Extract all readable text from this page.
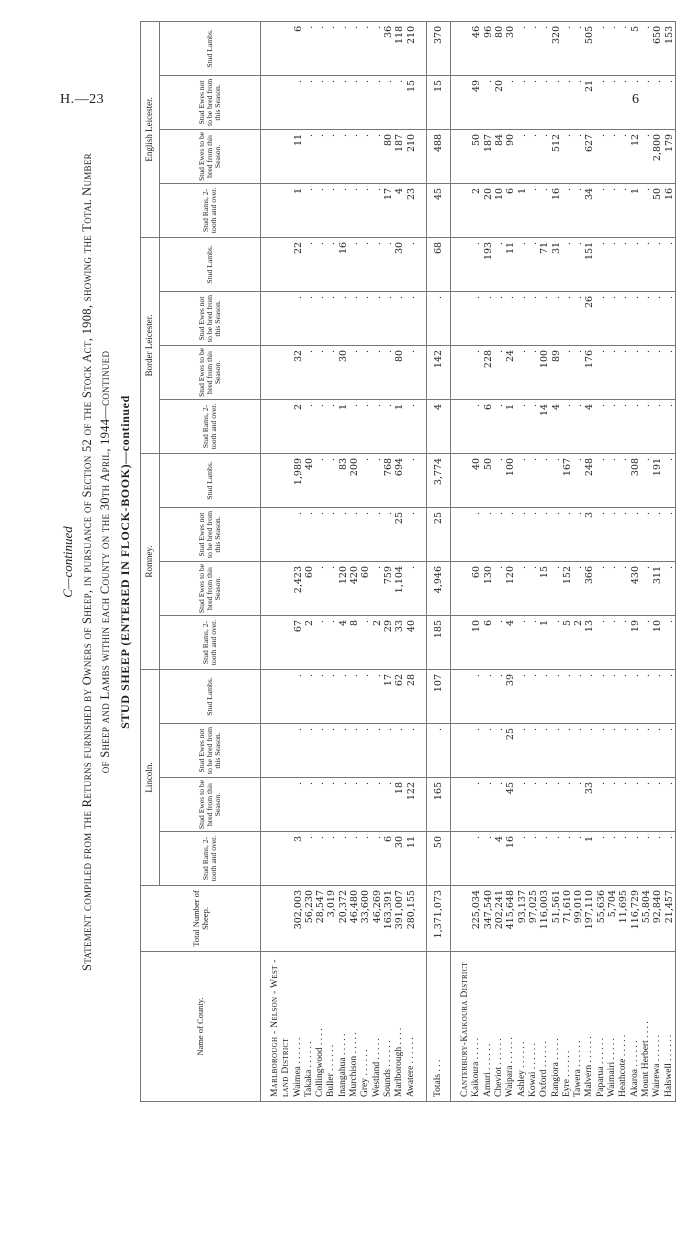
H.—23	6
C—continued Statement compiled from the Returns furnished by Owners of Sheep, in pursuance of Section 52 of the Stock Act, 1908, showing the Total Number of Sheep and Lambs within each County on the 30th April, 1944—continued STUD SHEEP (ENTERED IN FLOCK-BOOK)—continued
Name of County.	Total Number of Sheep.	Lincoln.				Romney.				Border Leicester.				English Leicester.			
		Stud Rams, 2-tooth and over.	Stud Ewes to be bred from this Season.	Stud Ewes not to be bred from this Season.	Stud Lambs.	Stud Rams, 2-tooth and over.	Stud Ewes to be bred from this Season.	Stud Ewes not to be bred from this Season.	Stud Lambs.	Stud Rams, 2-tooth and over.	Stud Ewes to be bred from this Season.	Stud Ewes not to be bred from this Season.	Stud Lambs.	Stud Rams, 2-tooth and over.	Stud Ewes to be bred from this Season.	Stud Ewes not to be bred from this Season.	Stud Lambs.

Marlborough - Nelson - West -																	
land District																	
Waimea . . . . . .	302,003	3	.	.	.	67	2,423	.	1,989	2	32	.	22	1	11	.	6
Takaka . . . . . .	56,230	.	.	.	.	2	60	.	40	.	.	.	.	.	.	.	.
Collingwood . . . .	28,547	.	.	.	.	.	.	.	.	.	.	.	.	.	.	.	.
Buller . . . . . .	3,019	.	.	.	.	.	.	.	.	.	.	.	.	.	.	.	.
Inangahua . . . . .	20,372	.	.	.	.	4	120	.	83	1	30	.	16	.	.	.	.
Murchison . . . . .	46,480	.	.	.	.	8	420	.	200	.	.	.	.	.	.	.	.
Grey . . . . . .	33,600	.	.	.	.	.	60	.	.	.	.	.	.	.	.	.	.
Westland . . . . .	46,269	.	.	.	.	2	.	.	.	.	.	.	.	.	.	.	.
Sounds . . . . . .	163,391	6	.	.	17	29	759	.	768	.	.	.	.	17	80	.	36
Marlborough . . . .	391,007	30	18	.	62	33	1,104	25	694	1	80	.	30	4	187	.	118
Awatere . . . . . .	280,155	11	122	.	28	40	.	.	.	.	.	.	.	23	210	15	210

Totals . . .	1,371,073	50	165	.	107	185	4,946	25	3,774	4	142	.	68	45	488	15	370

Canterbury-Kaikoura District																	
Kaikoura . . . . .	225,034	.	.	.	.	10	60	.	40	.	.	.	.	2	50	49	46
Amuri . . . . . .	347,540	.	.	.	.	6	130	.	50	6	228	.	193	20	187	.	96
Cheviot . . . . . .	202,241	4	.	.	.	.	.	.	.	.	.	.	.	10	84	20	80
Waipara . . . . . .	415,648	16	45	25	39	4	120	.	100	1	24	.	11	6	90	.	30
Ashley . . . . . .	93,137	.	.	.	.	.	.	.	.	.	.	.	.	1	.	.	.
Kowai . . . . . .	97,025	.	.	.	.	.	.	.	.	.	.	.	.	.	.	.	.
Oxford . . . . . .	116,003	.	.	.	.	1	15	.	.	14	100	.	71	.	.	.	.
Rangiora . . . . .	51,561	.	.	.	.	.	.	.	.	4	89	.	31	16	512	.	320
Eyre . . . . . .	71,610	.	.	.	.	5	152	.	167	.	.	.	.	.	.	.	.
Tawera . . . . . .	99,010	.	.	.	.	2	.	.	.	.	.	.	.	.	.	.	.
Malvern . . . . . .	197,110	1	33	.	.	13	366	3	248	4	176	26	151	34	627	21	505
Paparua . . . . . .	55,636	.	.	.	.	.	.	.	.	.	.	.	.	.	.	.	.
Waimairi . . . . .	5,704	.	.	.	.	.	.	.	.	.	.	.	.	.	.	.	.
Heathcote . . . . .	11,695	.	.	.	.	.	.	.	.	.	.	.	.	.	.	.	.
Akaroa . . . . . .	116,729	.	.	.	.	19	430	.	308	.	.	.	.	1	12	.	5
Mount Herbert . . . .	55,804	.	.	.	.	.	.	.	.	.	.	.	.	.	.	.	.
Wairewa . . . . . .	92,840	.	.	.	.	10	311	.	191	.	.	.	.	50	2,800	.	650
Halswell . . . . . .	21,457	.	.	.	.	.	.	.	.	.	.	.	.	16	179	.	153
